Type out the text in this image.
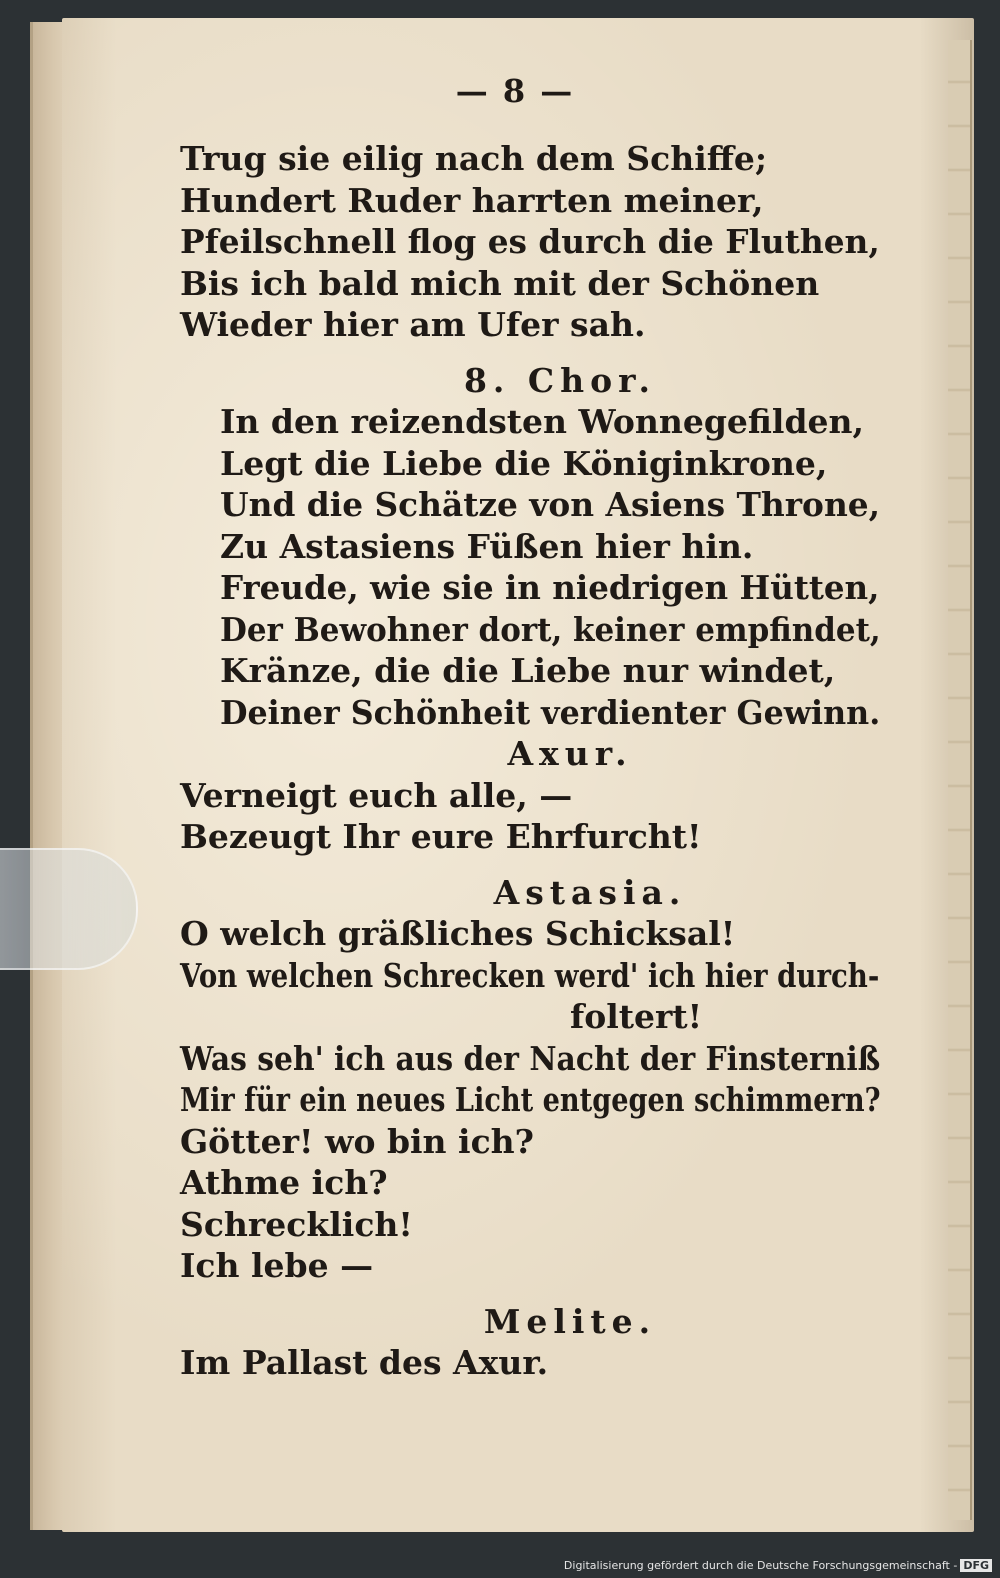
— 8 —
Trug sie eilig nach dem Schiffe;
Hundert Ruder harrten meiner,
Pfeilschnell flog es durch die Fluthen,
Bis ich bald mich mit der Schönen
Wieder hier am Ufer sah.
8. Chor.
In den reizendsten Wonnegefilden,
Legt die Liebe die Königinkrone,
Und die Schätze von Asiens Throne,
Zu Astasiens Füßen hier hin.
Freude, wie sie in niedrigen Hütten,
Der Bewohner dort, keiner empfindet,
Kränze, die die Liebe nur windet,
Deiner Schönheit verdienter Gewinn.
Axur.
Verneigt euch alle, —
Bezeugt Ihr eure Ehrfurcht!
Astasia.
O welch gräßliches Schicksal!
Von welchen Schrecken werd' ich hier durch-
foltert!
Was seh' ich aus der Nacht der Finsterniß
Mir für ein neues Licht entgegen schimmern?
Götter! wo bin ich?
Athme ich?
Schrecklich!
Ich lebe —
Melite.
Im Pallast des Axur.
Digitalisierung gefördert durch die Deutsche Forschungsgemeinschaft - DFG
